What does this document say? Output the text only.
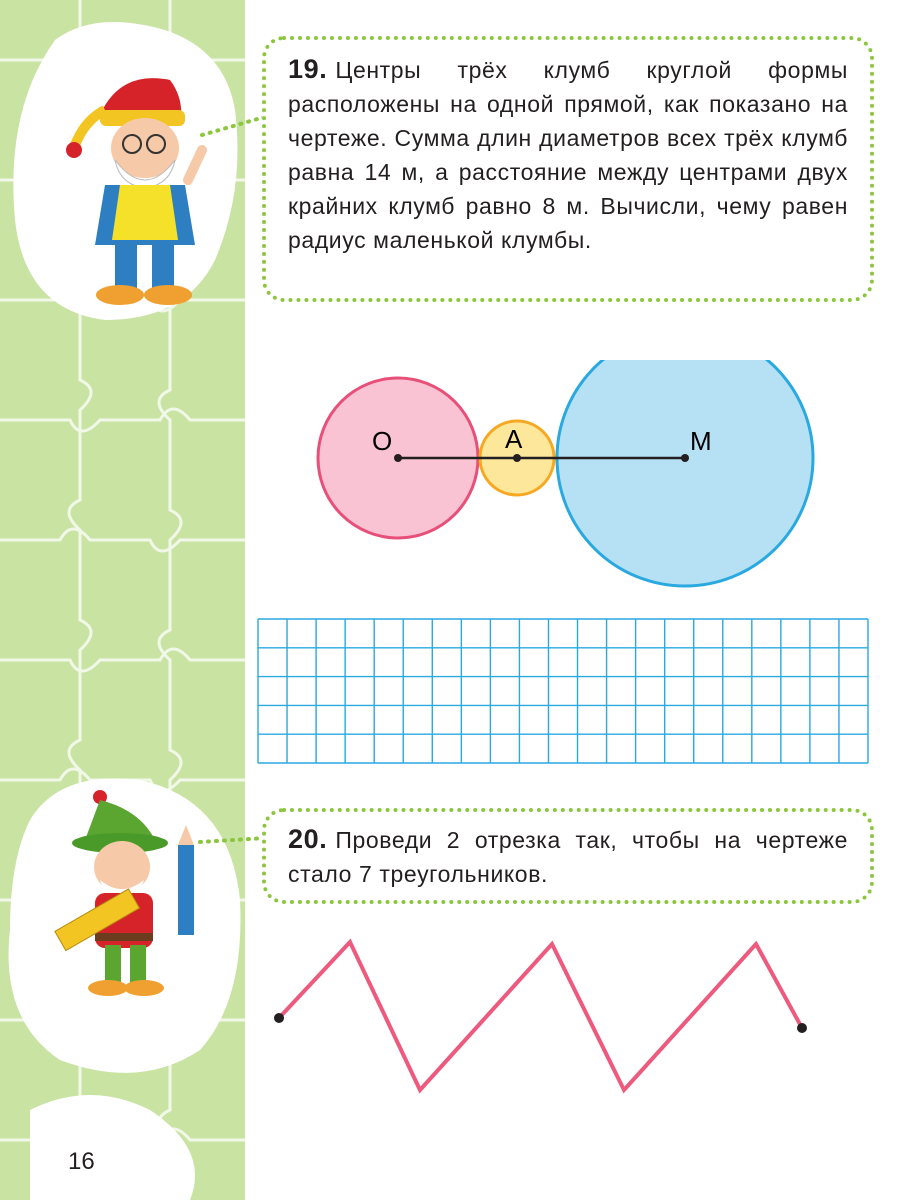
19. Центры трёх клумб круглой формы расположены на одной прямой, как показано на чертеже. Сумма длин диаметров всех трёх клумб равна 14 м, а расстояние между центрами двух крайних клумб равно 8 м. Вычисли, чему равен радиус маленькой клумбы.

O	A	M

20. Проведи 2 отрезка так, чтобы на чертеже стало 7 треугольников.

16
